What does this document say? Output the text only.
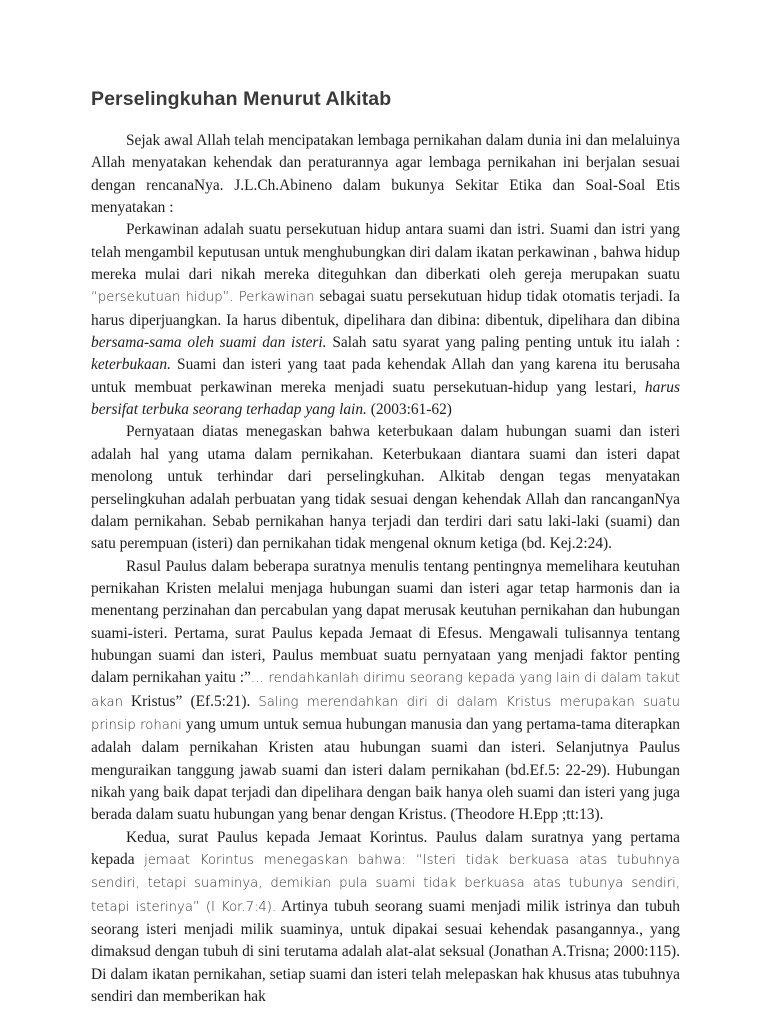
Perselingkuhan Menurut Alkitab

Sejak awal Allah telah mencipatakan lembaga pernikahan dalam dunia ini dan melaluinya Allah menyatakan kehendak dan peraturannya agar lembaga pernikahan ini berjalan sesuai dengan rencanaNya. J.L.Ch.Abineno dalam bukunya Sekitar Etika dan Soal-Soal Etis menyatakan :

Perkawinan adalah suatu persekutuan hidup antara suami dan istri. Suami dan istri yang telah mengambil keputusan untuk menghubungkan diri dalam ikatan perkawinan , bahwa hidup mereka mulai dari nikah mereka diteguhkan dan diberkati oleh gereja merupakan suatu “persekutuan hidup”. Perkawinan sebagai suatu persekutuan hidup tidak otomatis terjadi. Ia harus diperjuangkan. Ia harus dibentuk, dipelihara dan dibina: dibentuk, dipelihara dan dibina bersama-sama oleh suami dan isteri. Salah satu syarat yang paling penting untuk itu ialah : keterbukaan. Suami dan isteri yang taat pada kehendak Allah dan yang karena itu berusaha untuk membuat perkawinan mereka menjadi suatu persekutuan-hidup yang lestari, harus bersifat terbuka seorang terhadap yang lain. (2003:61-62)

Pernyataan diatas menegaskan bahwa keterbukaan dalam hubungan suami dan isteri adalah hal yang utama dalam pernikahan. Keterbukaan diantara suami dan isteri dapat menolong untuk terhindar dari perselingkuhan. Alkitab dengan tegas menyatakan perselingkuhan adalah perbuatan yang tidak sesuai dengan kehendak Allah dan rancanganNya dalam pernikahan. Sebab pernikahan hanya terjadi dan terdiri dari satu laki-laki (suami) dan satu perempuan (isteri) dan pernikahan tidak mengenal oknum ketiga (bd. Kej.2:24).

Rasul Paulus dalam beberapa suratnya menulis tentang pentingnya memelihara keutuhan pernikahan Kristen melalui menjaga hubungan suami dan isteri agar tetap harmonis dan ia menentang perzinahan dan percabulan yang dapat merusak keutuhan pernikahan dan hubungan suami-isteri. Pertama, surat Paulus kepada Jemaat di Efesus. Mengawali tulisannya tentang hubungan suami dan isteri, Paulus membuat suatu pernyataan yang menjadi faktor penting dalam pernikahan yaitu :”… rendahkanlah dirimu seorang kepada yang lain di dalam takut akan Kristus” (Ef.5:21). Saling merendahkan diri di dalam Kristus merupakan suatu prinsip rohani yang umum untuk semua hubungan manusia dan yang pertama-tama diterapkan adalah dalam pernikahan Kristen atau hubungan suami dan isteri. Selanjutnya Paulus menguraikan tanggung jawab suami dan isteri dalam pernikahan (bd.Ef.5: 22-29). Hubungan nikah yang baik dapat terjadi dan dipelihara dengan baik hanya oleh suami dan isteri yang juga berada dalam suatu hubungan yang benar dengan Kristus. (Theodore H.Epp ;tt:13).

Kedua, surat Paulus kepada Jemaat Korintus. Paulus dalam suratnya yang pertama kepada jemaat Korintus menegaskan bahwa: “Isteri tidak berkuasa atas tubuhnya sendiri, tetapi suaminya, demikian pula suami tidak berkuasa atas tubunya sendiri, tetapi isterinya” (I Kor.7:4). Artinya tubuh seorang suami menjadi milik istrinya dan tubuh seorang isteri menjadi milik suaminya, untuk dipakai sesuai kehendak pasangannya., yang dimaksud dengan tubuh di sini terutama adalah alat-alat seksual (Jonathan A.Trisna; 2000:115). Di dalam ikatan pernikahan, setiap suami dan isteri telah melepaskan hak khusus atas tubuhnya sendiri dan memberikan hak
